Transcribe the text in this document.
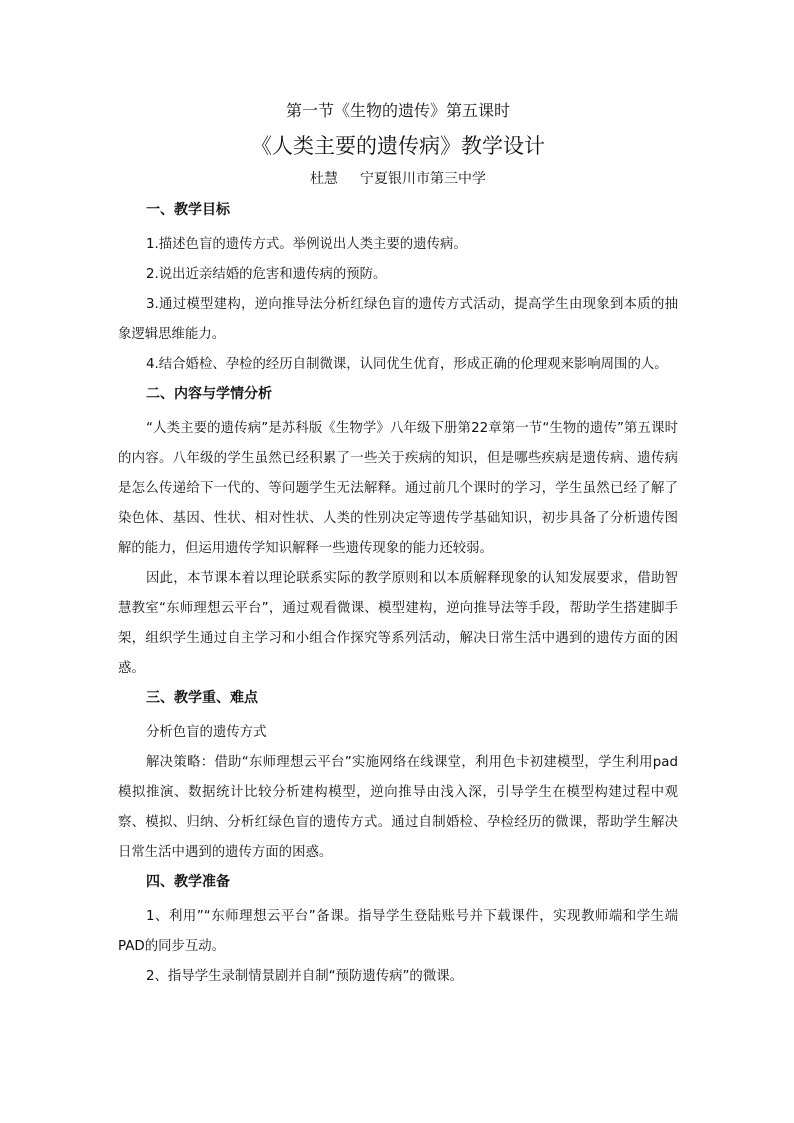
第一节《生物的遗传》第五课时
《人类主要的遗传病》教学设计
杜慧 宁夏银川市第三中学
一、教学目标

1.描述色盲的遗传方式。举例说出人类主要的遗传病。

2.说出近亲结婚的危害和遗传病的预防。

3.通过模型建构，逆向推导法分析红绿色盲的遗传方式活动，提高学生由现象到本质的抽象逻辑思维能力。

4.结合婚检、孕检的经历自制微课，认同优生优育，形成正确的伦理观来影响周围的人。

二、内容与学情分析

“人类主要的遗传病”是苏科版《生物学》八年级下册第22章第一节“生物的遗传”第五课时的内容。八年级的学生虽然已经积累了一些关于疾病的知识，但是哪些疾病是遗传病、遗传病是怎么传递给下一代的、等问题学生无法解释。通过前几个课时的学习，学生虽然已经了解了染色体、基因、性状、相对性状、人类的性别决定等遗传学基础知识，初步具备了分析遗传图解的能力，但运用遗传学知识解释一些遗传现象的能力还较弱。

因此，本节课本着以理论联系实际的教学原则和以本质解释现象的认知发展要求，借助智慧教室“东师理想云平台”，通过观看微课、模型建构，逆向推导法等手段，帮助学生搭建脚手架，组织学生通过自主学习和小组合作探究等系列活动，解决日常生活中遇到的遗传方面的困惑。

三、教学重、难点

分析色盲的遗传方式

解决策略：借助“东师理想云平台”实施网络在线课堂，利用色卡初建模型，学生利用pad模拟推演、数据统计比较分析建构模型，逆向推导由浅入深，引导学生在模型构建过程中观察、模拟、归纳、分析红绿色盲的遗传方式。通过自制婚检、孕检经历的微课，帮助学生解决日常生活中遇到的遗传方面的困惑。

四、教学准备

1、利用”“东师理想云平台”备课。指导学生登陆账号并下载课件，实现教师端和学生端PAD的同步互动。

2、指导学生录制情景剧并自制“预防遗传病”的微课。
